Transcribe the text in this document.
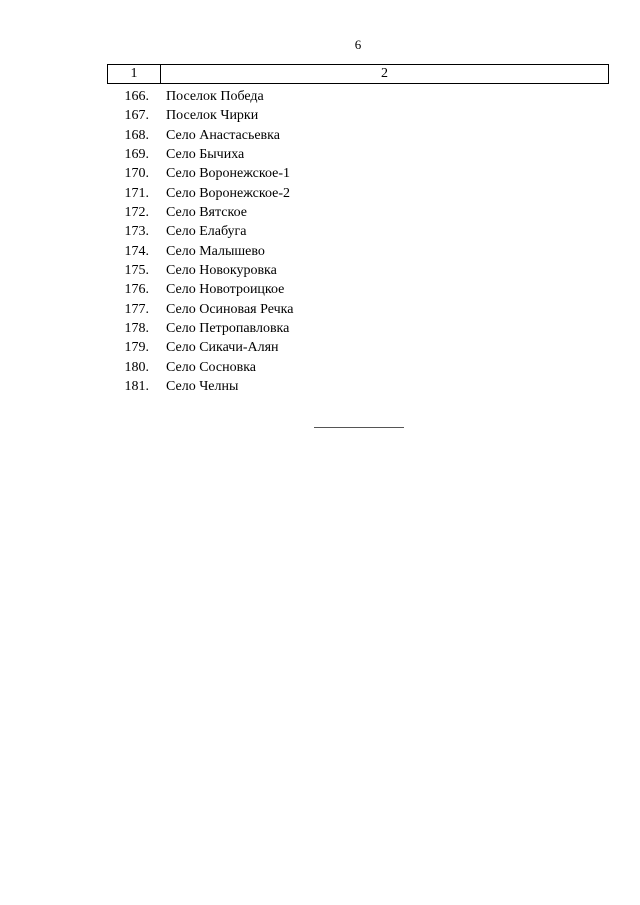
6
1	2
166.	Поселок Победа
167.	Поселок Чирки
168.	Село Анастасьевка
169.	Село Бычиха
170.	Село Воронежское-1
171.	Село Воронежское-2
172.	Село Вятское
173.	Село Елабуга
174.	Село Малышево
175.	Село Новокуровка
176.	Село Новотроицкое
177.	Село Осиновая Речка
178.	Село Петропавловка
179.	Село Сикачи-Алян
180.	Село Сосновка
181.	Село Челны
